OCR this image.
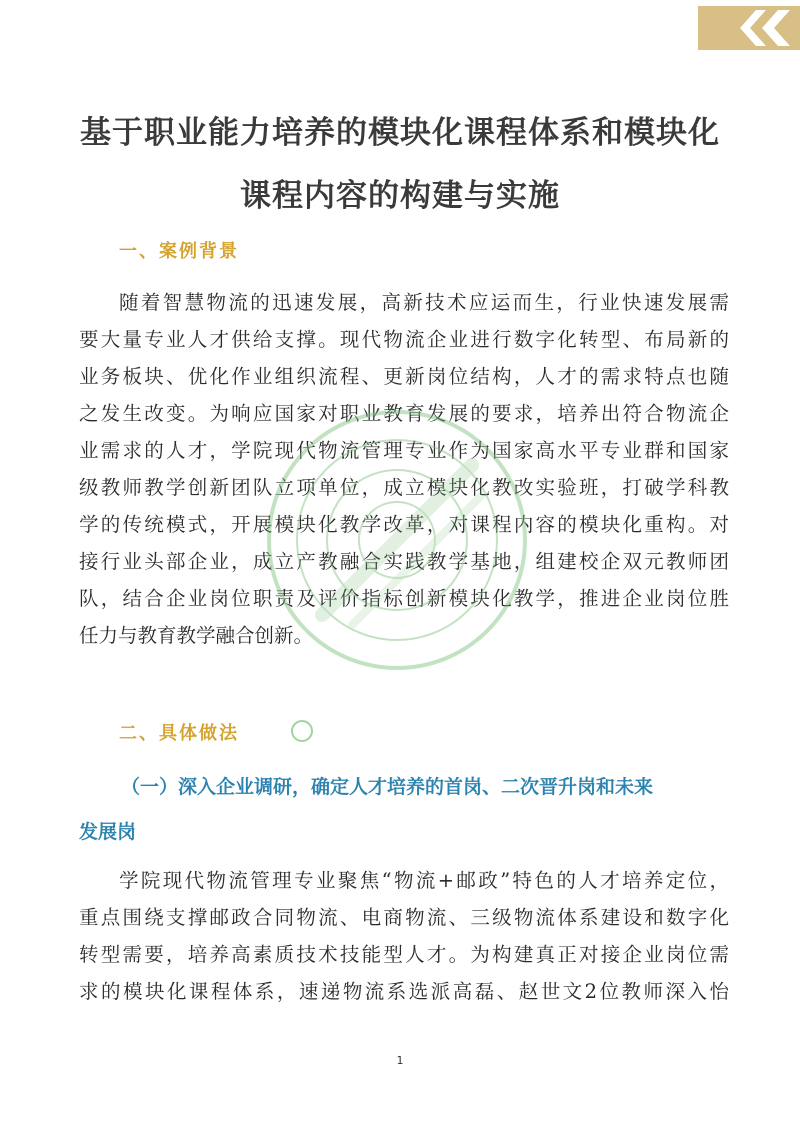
基于职业能力培养的模块化课程体系和模块化
课程内容的构建与实施
一、案例背景
随着智慧物流的迅速发展，高新技术应运而生，行业快速发展需
要大量专业人才供给支撑。现代物流企业进行数字化转型、布局新的
业务板块、优化作业组织流程、更新岗位结构，人才的需求特点也随
之发生改变。为响应国家对职业教育发展的要求，培养出符合物流企
业需求的人才，学院现代物流管理专业作为国家高水平专业群和国家
级教师教学创新团队立项单位，成立模块化教改实验班，打破学科教
学的传统模式，开展模块化教学改革，对课程内容的模块化重构。对
接行业头部企业，成立产教融合实践教学基地，组建校企双元教师团
队，结合企业岗位职责及评价指标创新模块化教学，推进企业岗位胜
任力与教育教学融合创新。
二、具体做法
（一）深入企业调研，确定人才培养的首岗、二次晋升岗和未来
发展岗
学院现代物流管理专业聚焦“物流+邮政”特色的人才培养定位，
重点围绕支撑邮政合同物流、电商物流、三级物流体系建设和数字化
转型需要，培养高素质技术技能型人才。为构建真正对接企业岗位需
求的模块化课程体系，速递物流系选派高磊、赵世文2位教师深入怡
1
